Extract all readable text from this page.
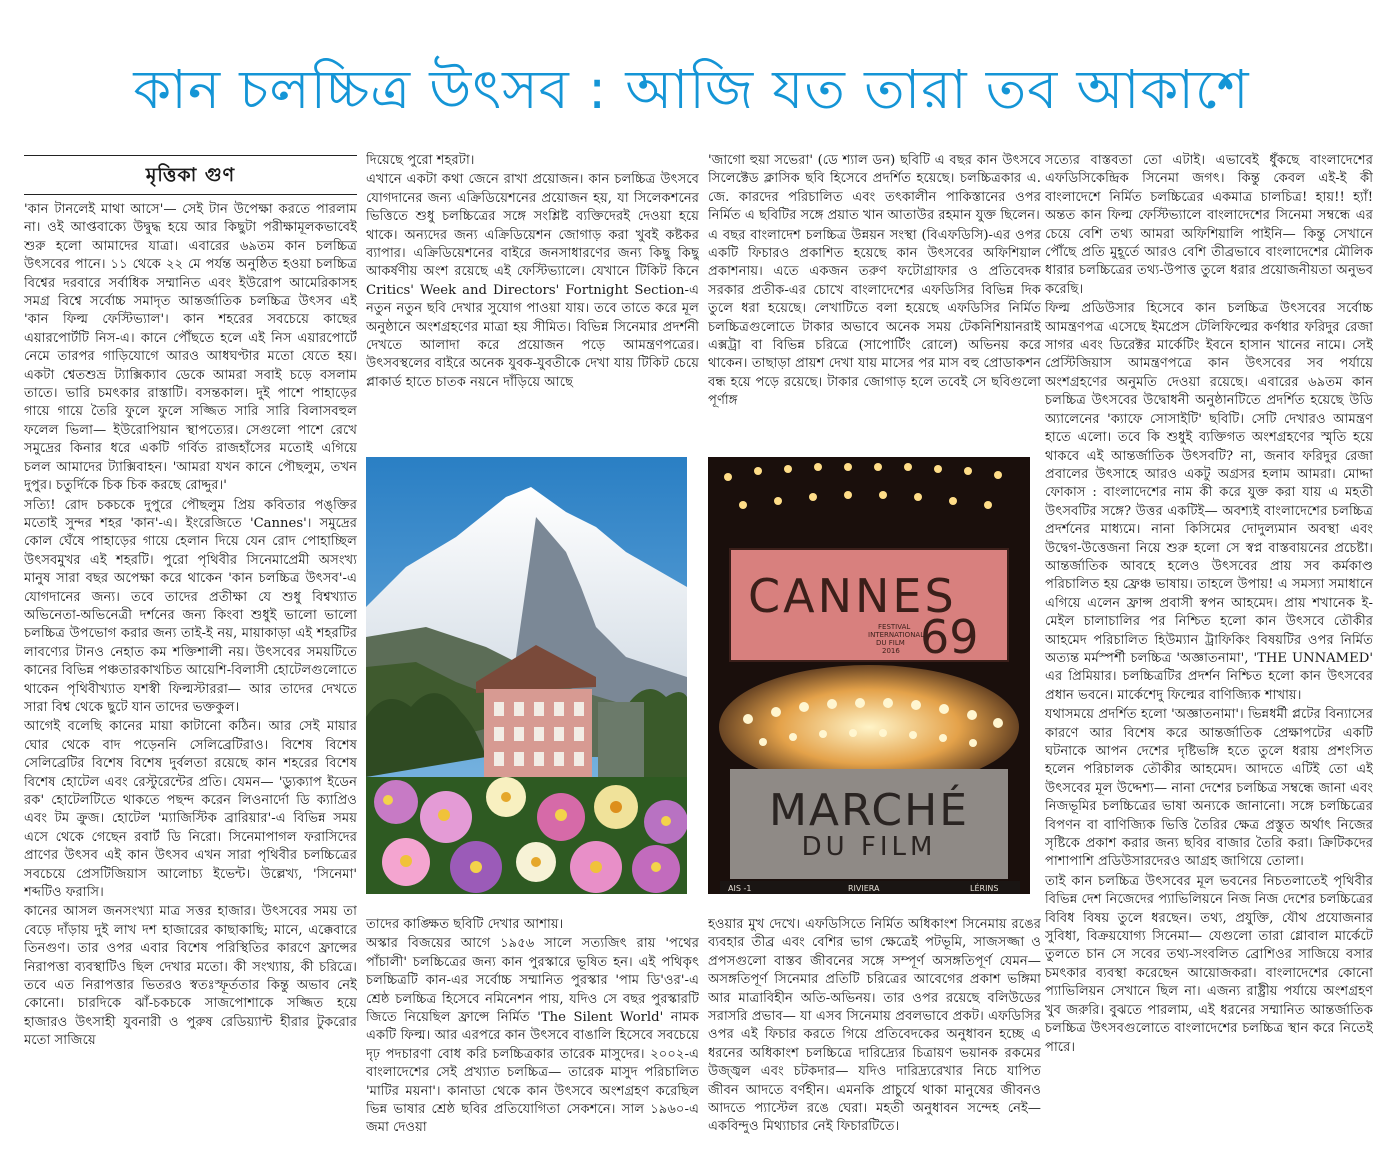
কান চলচ্চিত্র উৎসব : আজি যত তারা তব আকাশে
মৃত্তিকা গুণ

'কান টানলেই মাথা আসে'— সেই টান উপেক্ষা করতে পারলাম না। ওই আপ্তবাক্যে উদ্বুদ্ধ হয়ে আর কিছুটা পরীক্ষামূলকভাবেই শুরু হলো আমাদের যাত্রা। এবারের ৬৯তম কান চলচ্চিত্র উৎসবের পানে। ১১ থেকে ২২ মে পর্যন্ত অনুষ্ঠিত হওয়া চলচ্চিত্র বিশ্বের দরবারে সর্বাধিক সম্মানিত এবং ইউরোপ আমেরিকাসহ সমগ্র বিশ্বে সর্বোচ্চ সমাদৃত আন্তর্জাতিক চলচ্চিত্র উৎসব এই 'কান ফিল্ম ফেস্টিভ্যাল'। কান শহরের সবচেয়ে কাছের এয়ারপোর্টটি নিস-এ। কানে পৌঁছতে হলে এই নিস এয়ারপোর্টে নেমে তারপর গাড়িযোগে আরও আধঘণ্টার মতো যেতে হয়। একটা শ্বেতশুভ্র ট্যাক্সিক্যাব ডেকে আমরা সবাই চড়ে বসলাম তাতে। ভারি চমৎকার রাস্তাটি। বসন্তকাল। দুই পাশে পাহাড়ের গায়ে গায়ে তৈরি ফুলে ফুলে সজ্জিত সারি সারি বিলাসবহুল ফলেল ভিলা— ইউরোপিয়ান স্থাপত্যের। সেগুলো পাশে রেখে সমুদ্রের কিনার ধরে একটি গর্বিত রাজহাঁসের মতোই এগিয়ে চলল আমাদের ট্যাক্সিবাহন। 'আমরা যখন কানে পৌছলুম, তখন দুপুর। চতুর্দিকে চিক চিক করছে রোদ্দুর।'

সত্যি! রোদ চকচকে দুপুরে পৌছলুম প্রিয় কবিতার পঙ্‌ক্তির মতোই সুন্দর শহর 'কান'-এ। ইংরেজিতে 'Cannes'। সমুদ্রের কোল ঘেঁষে পাহাড়ের গায়ে হেলান দিয়ে যেন রোদ পোহাচ্ছিল উৎসবমুখর এই শহরটি। পুরো পৃথিবীর সিনেমাপ্রেমী অসংখ্য মানুষ সারা বছর অপেক্ষা করে থাকেন 'কান চলচ্চিত্র উৎসব'-এ যোগদানের জন্য। তবে তাদের প্রতীক্ষা যে শুধু বিশ্বখ্যাত অভিনেতা-অভিনেত্রী দর্শনের জন্য কিংবা শুধুই ভালো ভালো চলচ্চিত্র উপভোগ করার জন্য তাই-ই নয়, মায়াকাড়া এই শহরটির লাবণ্যের টানও নেহাত কম শক্তিশালী নয়। উৎসবের সময়টিতে কানের বিভিন্ন পঞ্চতারকাখচিত আয়েশি-বিলাসী হোটেলগুলোতে থাকেন পৃথিবীখ্যাত যশস্বী ফিল্মস্টাররা— আর তাদের দেখতে সারা বিশ্ব থেকে ছুটে যান তাদের ভক্তকুল।

আগেই বলেছি কানের মায়া কাটানো কঠিন। আর সেই মায়ার ঘোর থেকে বাদ পড়েননি সেলিব্রেটিরাও। বিশেষ বিশেষ সেলিব্রেটির বিশেষ বিশেষ দুর্বলতা রয়েছে কান শহরের বিশেষ বিশেষ হোটেল এবং রেস্টুরেন্টের প্রতি। যেমন— 'ড্যুক্যাপ ইডেন রক' হোটেলটিতে থাকতে পছন্দ করেন লিওনার্দো ডি ক্যাপ্রিও এবং টম ক্রুজ। হোটেল 'ম্যাজিস্টিক ব্রারিয়ার'-এ বিভিন্ন সময় এসে থেকে গেছেন রবার্ট ডি নিরো। সিনেমাপাগল ফরাসিদের প্রাণের উৎসব এই কান উৎসব এখন সারা পৃথিবীর চলচ্চিত্রের সবচেয়ে প্রেসটিজিয়াস আলোচ্য ইভেন্ট। উল্লেখ্য, 'সিনেমা' শব্দটিও ফরাসি।

কানের আসল জনসংখ্যা মাত্র সত্তর হাজার। উৎসবের সময় তা বেড়ে দাঁড়ায় দুই লাখ দশ হাজারের কাছাকাছি; মানে, এক্কেবারে তিনগুণ। তার ওপর এবার বিশেষ পরিস্থিতির কারণে ফ্রান্সের নিরাপত্তা ব্যবস্থাটিও ছিল দেখার মতো। কী সংখ্যায়, কী চরিত্রে। তবে এত নিরাপত্তার ভিতরও স্বতঃস্ফূর্ততার কিন্তু অভাব নেই কোনো। চারদিকে ঝাঁ-চকচকে সাজপোশাকে সজ্জিত হয়ে হাজারও উৎসাহী যুবনারী ও পুরুষ রেডিয়্যান্ট হীরার টুকরোর মতো সাজিয়ে

দিয়েছে পুরো শহরটা।

এখানে একটা কথা জেনে রাখা প্রয়োজন। কান চলচ্চিত্র উৎসবে যোগদানের জন্য এক্রিডিয়েশনের প্রয়োজন হয়, যা সিলেকশনের ভিত্তিতে শুধু চলচ্চিত্রের সঙ্গে সংশ্লিষ্ট ব্যক্তিদেরই দেওয়া হয়ে থাকে। অন্যদের জন্য এক্রিডিয়েশন জোগাড় করা খুবই কষ্টকর ব্যাপার। এক্রিডিয়েশনের বাইরে জনসাধারণের জন্য কিছু কিছু আকর্ষণীয় অংশ রয়েছে এই ফেস্টিভ্যালে। যেখানে টিকিট কিনে Critics' Week and Directors' Fortnight Section-এ নতুন নতুন ছবি দেখার সুযোগ পাওয়া যায়। তবে তাতে করে মূল অনুষ্ঠানে অংশগ্রহণের মাত্রা হয় সীমিত। বিভিন্ন সিনেমার প্রদর্শনী দেখতে আলাদা করে প্রয়োজন পড়ে আমন্ত্রণপত্রের। উৎসবস্থলের বাইরে অনেক যুবক-যুবতীকে দেখা যায় টিকিট চেয়ে প্লাকার্ড হাতে চাতক নয়নে দাঁড়িয়ে আছে

'জাগো হুয়া সভেরা' (ডে শ্যাল ডন) ছবিটি এ বছর কান উৎসবে সিলেক্টেড ক্লাসিক ছবি হিসেবে প্রদর্শিত হয়েছে। চলচ্চিত্রকার এ. জে. কারদের পরিচালিত এবং তৎকালীন পাকিস্তানের ওপর নির্মিত এ ছবিটির সঙ্গে প্রয়াত খান আতাউর রহমান যুক্ত ছিলেন।

এ বছর বাংলাদেশ চলচ্চিত্র উন্নয়ন সংস্থা (বিএফডিসি)-এর ওপর একটি ফিচারও প্রকাশিত হয়েছে কান উৎসবের অফিশিয়াল প্রকাশনায়। এতে একজন তরুণ ফটোগ্রাফার ও প্রতিবেদক সরকার প্রতীক-এর চোখে বাংলাদেশের এফডিসির বিভিন্ন দিক তুলে ধরা হয়েছে। লেখাটিতে বলা হয়েছে এফডিসির নির্মিত চলচ্চিত্রগুলোতে টাকার অভাবে অনেক সময় টেকনিশিয়ানরাই এক্সট্রা বা বিভিন্ন চরিত্রে (সাপোর্টিং রোলে) অভিনয় করে থাকেন। তাছাড়া প্রায়শ দেখা যায় মাসের পর মাস বহু প্রোডাকশন বন্ধ হয়ে পড়ে রয়েছে। টাকার জোগাড় হলে তবেই সে ছবিগুলো পূর্ণাঙ্গ

CANNES
69
FESTIVAL
INTERNATIONAL
DU FILM
2016
MARCHÉ
DU FILM
AIS -1	RIVIERA	LÉRINS

তাদের কাঙ্ক্ষিত ছবিটি দেখার আশায়।

অস্কার বিজয়ের আগে ১৯৫৬ সালে সত্যজিৎ রায় 'পথের পাঁচালী' চলচ্চিত্রের জন্য কান পুরস্কারে ভূষিত হন। এই পথিকৃৎ চলচ্চিত্রটি কান-এর সর্বোচ্চ সম্মানিত পুরস্কার 'পাম ডি'ওর'-এ শ্রেষ্ঠ চলচ্চিত্র হিসেবে নমিনেশন পায়, যদিও সে বছর পুরস্কারটি জিতে নিয়েছিল ফ্রান্সে নির্মিত 'The Silent World' নামক একটি ফিল্ম। আর এরপরে কান উৎসবে বাঙালি হিসেবে সবচেয়ে দৃঢ় পদচারণা বোধ করি চলচ্চিত্রকার তারেক মাসুদের। ২০০২-এ বাংলাদেশের সেই প্রখ্যাত চলচ্চিত্র— তারেক মাসুদ পরিচালিত 'মাটির ময়না'। কানাডা থেকে কান উৎসবে অংশগ্রহণ করেছিল ভিন্ন ভাষার শ্রেষ্ঠ ছবির প্রতিযোগিতা সেকশনে। সাল ১৯৬০-এ জমা দেওয়া

হওয়ার মুখ দেখে। এফডিসিতে নির্মিত অধিকাংশ সিনেমায় রঙের ব্যবহার তীব্র এবং বেশির ভাগ ক্ষেত্রেই পটভূমি, সাজসজ্জা ও প্রপসগুলো বাস্তব জীবনের সঙ্গে সম্পূর্ণ অসঙ্গতিপূর্ণ যেমন— অসঙ্গতিপূর্ণ সিনেমার প্রতিটি চরিত্রের আবেগের প্রকাশ ভঙ্গিমা আর মাত্রাবিহীন অতি-অভিনয়। তার ওপর রয়েছে বলিউডের সরাসরি প্রভাব— যা এসব সিনেমায় প্রবলভাবে প্রকট। এফডিসির ওপর এই ফিচার করতে গিয়ে প্রতিবেদকের অনুধাবন হচ্ছে এ ধরনের অধিকাংশ চলচ্চিত্রে দারিদ্র্যের চিত্রায়ণ ভয়ানক রকমের উজ্জ্বল এবং চটকদার— যদিও দারিদ্র্যরেখার নিচে যাপিত জীবন আদতে বর্ণহীন। এমনকি প্রাচুর্যে থাকা মানুষের জীবনও আদতে প্যাস্টেল রঙে ঘেরা। মহতী অনুধাবন সন্দেহ নেই— একবিন্দুও মিথ্যাচার নেই ফিচারটিতে।

সত্যের বাস্তবতা তো এটাই। এভাবেই ধুঁকছে বাংলাদেশের এফডিসিকেন্দ্রিক সিনেমা জগৎ। কিন্তু কেবল এই-ই কী বাংলাদেশে নির্মিত চলচ্চিত্রের একমাত্র চালচিত্র! হায়!! হ্যাঁ! অন্তত কান ফিল্ম ফেস্টিভ্যালে বাংলাদেশের সিনেমা সম্বন্ধে এর চেয়ে বেশি তথ্য আমরা অফিশিয়ালি পাইনি— কিন্তু সেখানে পৌঁছে প্রতি মুহূর্তে আরও বেশি তীব্রভাবে বাংলাদেশের মৌলিক ধারার চলচ্চিত্রের তথ্য-উপাত্ত তুলে ধরার প্রয়োজনীয়তা অনুভব করেছি।

ফিল্ম প্রডিউসার হিসেবে কান চলচ্চিত্র উৎসবের সর্বোচ্চ আমন্ত্রণপত্র এসেছে ইমপ্রেস টেলিফিল্মের কর্ণধার ফরিদুর রেজা সাগর এবং ডিরেক্টর মার্কেটিং ইবনে হাসান খানের নামে। সেই প্রেস্টিজিয়াস আমন্ত্রণপত্রে কান উৎসবের সব পর্যায়ে অংশগ্রহণের অনুমতি দেওয়া রয়েছে। এবারের ৬৯তম কান চলচ্চিত্র উৎসবের উদ্বোধনী অনুষ্ঠানটিতে প্রদর্শিত হয়েছে উডি অ্যালেনের 'ক্যাফে সোসাইটি' ছবিটি। সেটি দেখারও আমন্ত্রণ হাতে এলো। তবে কি শুধুই ব্যক্তিগত অংশগ্রহণের স্মৃতি হয়ে থাকবে এই আন্তর্জাতিক উৎসবটি? না, জনাব ফরিদুর রেজা প্রবালের উৎসাহে আরও একটু অগ্রসর হলাম আমরা। মোদ্দা ফোকাস : বাংলাদেশের নাম কী করে যুক্ত করা যায় এ মহতী উৎসবটির সঙ্গে? উত্তর একটিই— অবশ্যই বাংলাদেশের চলচ্চিত্র প্রদর্শনের মাধ্যমে। নানা কিসিমের দোদুল্যমান অবস্থা এবং উদ্বেগ-উত্তেজনা নিয়ে শুরু হলো সে স্বপ্ন বাস্তবায়নের প্রচেষ্টা। আন্তর্জাতিক আবহে হলেও উৎসবের প্রায় সব কর্মকাণ্ড পরিচালিত হয় ফ্রেঞ্চ ভাষায়। তাহলে উপায়! এ সমস্যা সমাধানে এগিয়ে এলেন ফ্রান্স প্রবাসী স্বপন আহমেদ। প্রায় শখানেক ই-মেইল চালাচালির পর নিশ্চিত হলো কান উৎসবে তৌকীর আহমেদ পরিচালিত হিউম্যান ট্রাফিকিং বিষয়টির ওপর নির্মিত অত্যন্ত মর্মস্পর্শী চলচ্চিত্র 'অজ্ঞাতনামা', 'THE UNNAMED' এর প্রিমিয়ার। চলচ্চিত্রটির প্রদর্শন নিশ্চিত হলো কান উৎসবের প্রধান ভবনে। মার্কেশেদু ফিল্মের বাণিজ্যিক শাখায়।

যথাসময়ে প্রদর্শিত হলো 'অজ্ঞাতনামা'। ভিন্নধর্মী প্লটের বিন্যাসের কারণে আর বিশেষ করে আন্তর্জাতিক প্রেক্ষাপটের একটি ঘটনাকে আপন দেশের দৃষ্টিভঙ্গি হতে তুলে ধরায় প্রশংসিত হলেন পরিচালক তৌকীর আহমেদ। আদতে এটিই তো এই উৎসবের মূল উদ্দেশ্য— নানা দেশের চলচ্চিত্র সম্বন্ধে জানা এবং নিজভূমির চলচ্চিত্রের ভাষা অন্যকে জানানো। সঙ্গে চলচ্চিত্রের বিপণন বা বাণিজ্যিক ভিত্তি তৈরির ক্ষেত্র প্রস্তুত অর্থাৎ নিজের সৃষ্টিকে প্রকাশ করার জন্য ছবির বাজার তৈরি করা। ক্রিটিকদের পাশাপাশি প্রডিউসারদেরও আগ্রহ জাগিয়ে তোলা।

তাই কান চলচ্চিত্র উৎসবের মূল ভবনের নিচতলাতেই পৃথিবীর বিভিন্ন দেশ নিজেদের প্যাভিলিয়নে নিজ নিজ দেশের চলচ্চিত্রের বিবিধ বিষয় তুলে ধরছেন। তথ্য, প্রযুক্তি, যৌথ প্রযোজনার সুবিধা, বিক্রয়যোগ্য সিনেমা— যেগুলো তারা গ্লোবাল মার্কেটে তুলতে চান সে সবের তথ্য-সংবলিত ব্রোশিওর সাজিয়ে বসার চমৎকার ব্যবস্থা করেছেন আয়োজকরা। বাংলাদেশের কোনো প্যাভিলিয়ন সেখানে ছিল না। এজন্য রাষ্ট্রীয় পর্যায়ে অংশগ্রহণ খুব জরুরি। বুঝতে পারলাম, এই ধরনের সম্মানিত আন্তর্জাতিক চলচ্চিত্র উৎসবগুলোতে বাংলাদেশের চলচ্চিত্র স্থান করে নিতেই পারে।
